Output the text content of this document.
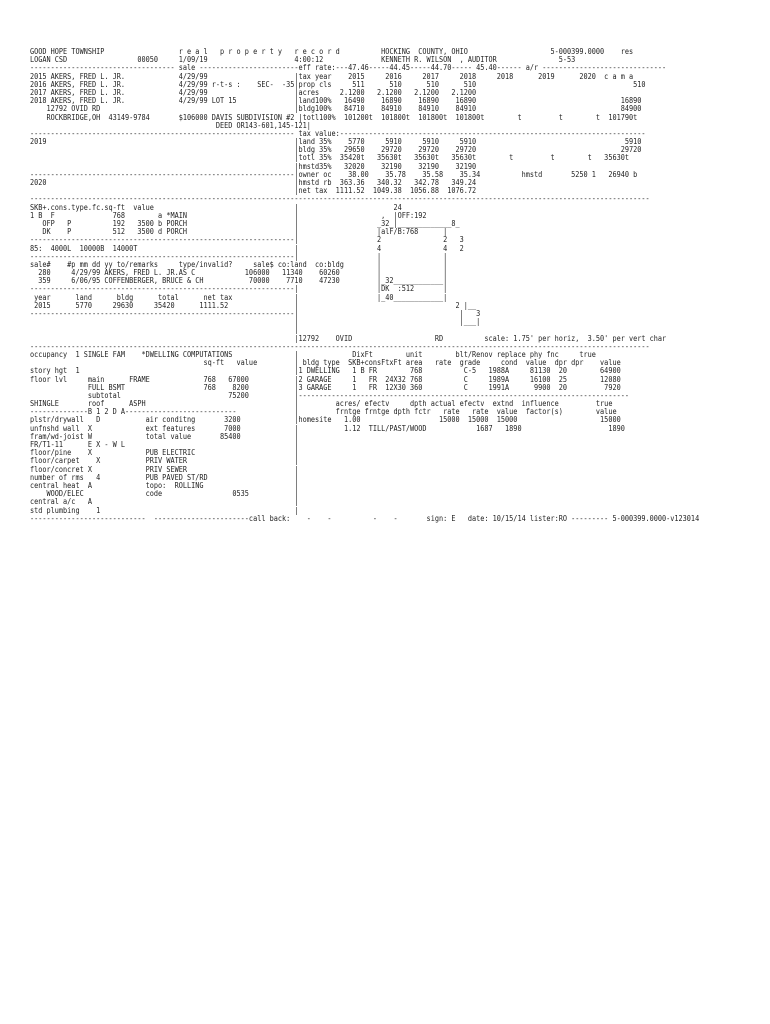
GOOD HOPE TOWNSHIP                  r e a l   p r o p e r t y   r e c o r d          HOCKING  COUNTY, OHIO                    5-000399.0000    res
LOGAN CSD                 00050     1/09/19                     4:00:12              KENNETH R. WILSON  , AUDITOR               5-53
----------------------------------- sale ------------------------eff rate:---47.46-----44.45-----44.70----- 45.40------ a/r ------------------------------
2015 AKERS, FRED L. JR.             4/29/99                     |tax year    2015     2016     2017     2018     2018      2019      2020  c a m a
2016 AKERS, FRED L. JR.             4/29/99 r-t-s :    SEC-  -35|prop cls     511      510      510      510                                      510
2017 AKERS, FRED L. JR.             4/29/99                     |acres     2.1200   2.1200   2.1200   2.1200
2018 AKERS, FRED L. JR.             4/29/99 LOT 15              |land100%   16490    16890    16890    16890                                   16890
12792 OVID RD                                               |bldg100%   84710    84910    84910    84910                                   84900
ROCKBRIDGE,OH  43149-9784       $106000 DAVIS SUBDIVISION #2 |totl100%  101200t  101800t  101800t  101800t        t         t        t  101790t
DEED OR143-601,145-121|
---------------------------------------------------------------- tax value:--------------------------------------------------------------------------
2019                                                            |land 35%    5770     5910     5910     5910                                    5910
|bldg 35%   29650    29720    29720    29720                                   29720
|totl 35%  35420t   35630t   35630t   35630t        t         t        t   35630t
|hmstd35%   32020    32190    32190    32190
----------------------------------------------------------------|owner oc    38.00    35.78    35.58    35.34          hmstd       5250 1   26940 b
2020                                                            |hmstd rb  363.36   340.32   342.78   349.24
|net tax  1111.52  1049.38  1056.88  1076.72
------------------------------------------------------------------------------------------------------------------------------------------------------
SKB+.cons.type.fc.sq-ft  value                                  |                       24
1 B  F              768        a *MAIN                          |                    ,  |OFF:192
OFP   P          192   3500 b PORCH                          |                   _32_|_____________8_
DK    P          512   3500 d PORCH                          |                   |alF/B:768      |
----------------------------------------------------------------|                   2               2   3
85:  4000L  10000B  14000T                                      |                   4               4   2
----------------------------------------------------------------|                   |               |
sale#    #p mm dd yy to/remarks     type/invalid?     sale$ co:land  co:bldg        |               |
280     4/29/99 AKERS, FRED L. JR.AS C            106000   11340    60260         |               |
359     6/06/95 COFFENBERGER, BRUCE & CH           70000    7710    47230         |_32____________|
----------------------------------------------------------------|                   |DK  :512       |
year      land      bldg      total      net tax               |                   |_40____________|
2015      5770     29630     35420      1111.52                |                                      2 |__
----------------------------------------------------------------|                                       |   3
|                                       |___|
|
|12792    OVID                    RD          scale: 1.75' per horiz,  3.50' per vert char
------------------------------------------------------------------------------------------------------------------------------------------------------
occupancy  1 SINGLE FAM    *DWELLING COMPUTATIONS               |             DixFt        unit        blt/Renov replace phy fnc     true
sq-ft   value         | bldg type  SKB+consFtxFt area   rate  grade     cond  value  dpr dpr    value
story hgt  1                                                    |1 DWELLING   1 B FR        768          C-5   1988A     81130  20        64900
floor lvl     main      FRAME             768   67000           |2 GARAGE     1   FR  24X32 768          C     1989A     16100  25        12080
FULL BSMT                   768    8200           |3 GARAGE     1   FR  12X30 360          C     1991A      9900  20         7920
subtotal                          75200           |--------------------------------------------------------------------------------
SHINGLE       roof      ASPH                                    |         acres/ efectv     dpth actual efectv  extnd  influence         true
--------------B 1 2 D A---------------------------              |         frntge frntge dpth fctr   rate   rate  value  factor(s)        value
plstr/drywall   D           air conditng       3200             |homesite   1.00                   15000  15000  15000                    15000
unfnshd wall  X             ext features       7000             |           1.12  TILL/PAST/WOOD            1687   1890                     1890
fram/wd-joist W             total value       85400             |
FR/T1-11      E X - W L                                         |
floor/pine    X             PUB ELECTRIC                        |
floor/carpet    X           PRIV WATER                          |
floor/concret X             PRIV SEWER                          |
number of rms   4           PUB PAVED ST/RD                     |
central heat  A             topo:  ROLLING                      |
WOOD/ELEC               code                 0535           |
central a/c   A                                                 |
std plumbing    1                                               |
----------------------------  -----------------------call back:    -    -          -    -       sign: E   date: 10/15/14 lister:RO --------- 5-000399.0000-v123014
